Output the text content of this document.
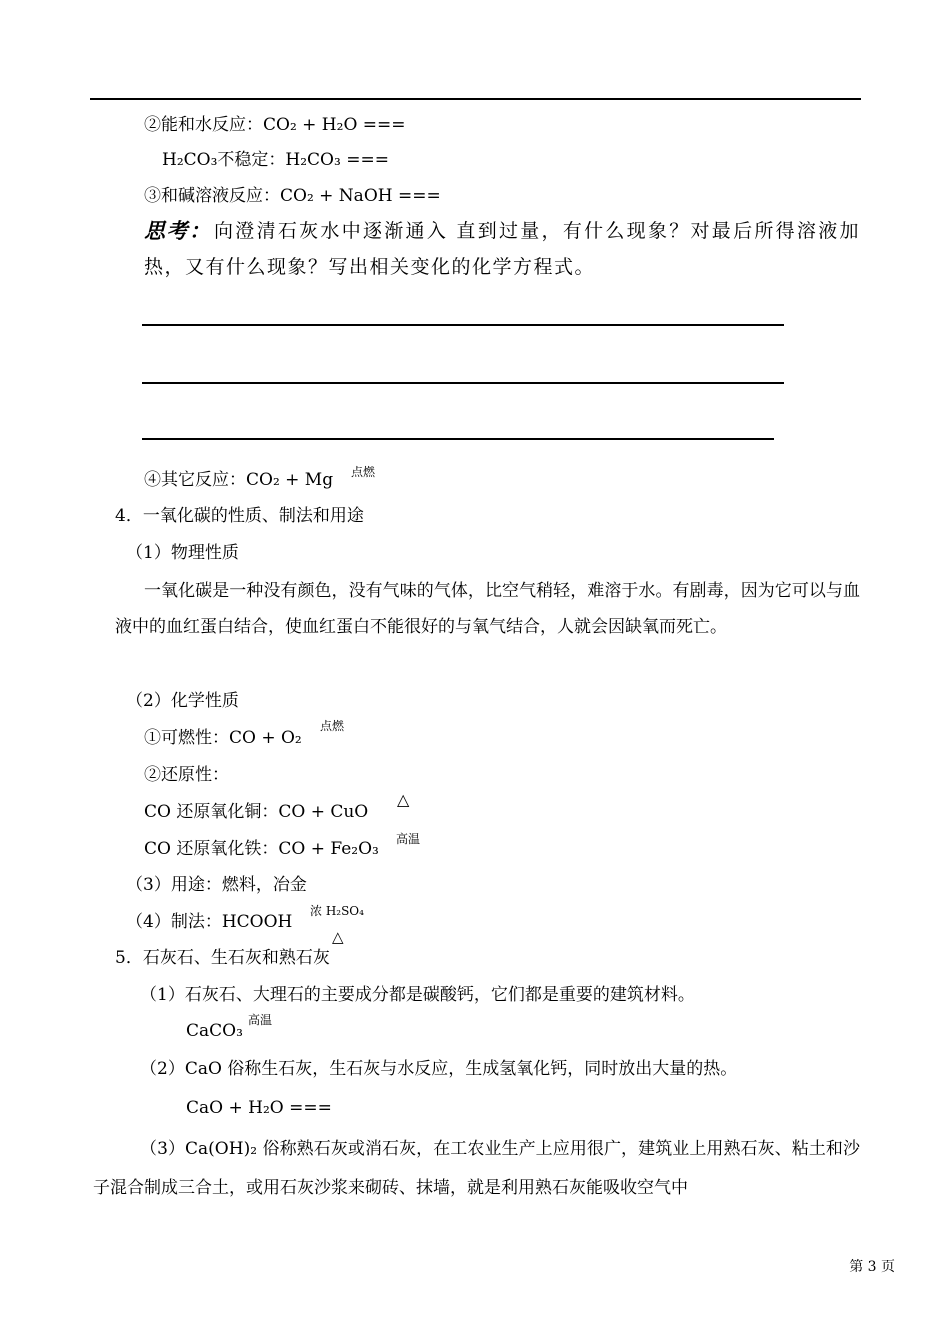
②能和水反应：CO₂ + H₂O ===
H₂CO₃不稳定：H₂CO₃ ===
③和碱溶液反应：CO₂ + NaOH ===
思考： 向澄清石灰水中逐渐通入 直到过量，有什么现象？对最后所得溶液加热，又有什么现象？写出相关变化的化学方程式。
④其它反应：CO₂ + Mg 点燃
4．一氧化碳的性质、制法和用途
（1）物理性质
一氧化碳是一种没有颜色，没有气味的气体，比空气稍轻，难溶于水。有剧毒，因为它可以与血液中的血红蛋白结合，使血红蛋白不能很好的与氧气结合，人就会因缺氧而死亡。
（2）化学性质
①可燃性：CO + O₂
点燃
②还原性：
CO 还原氧化铜：CO + CuO
△
CO 还原氧化铁：CO + Fe₂O₃ 高温
（3）用途：燃料，冶金
（4）制法：HCOOH
浓 H₂SO₄
△
5．石灰石、生石灰和熟石灰
（1）石灰石、大理石的主要成分都是碳酸钙，它们都是重要的建筑材料。
CaCO₃
高温
（2）CaO 俗称生石灰，生石灰与水反应，生成氢氧化钙，同时放出大量的热。
CaO + H₂O ===
（3）Ca(OH)₂ 俗称熟石灰或消石灰，在工农业生产上应用很广，建筑业上用熟石灰、粘土和沙子混合制成三合土，或用石灰沙浆来砌砖、抹墙，就是利用熟石灰能吸收空气中
第 3 页
